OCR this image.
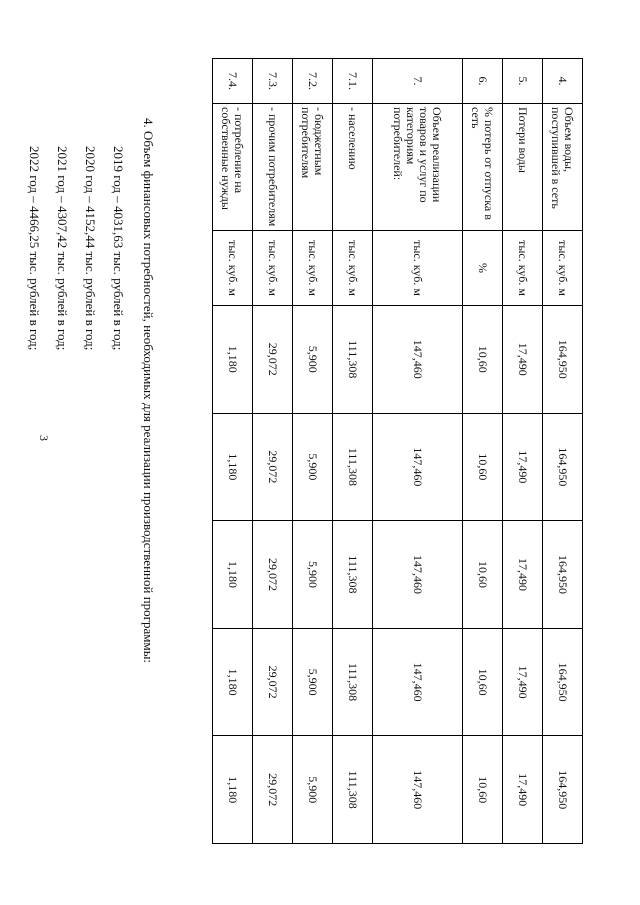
3
4.	Объем воды, поступившей в сеть	тыс. куб. м	164,950	164,950	164,950	164,950	164,950
5.	Потери воды	тыс. куб. м	17,490	17,490	17,490	17,490	17,490
6.	% потерь от отпуска в сеть	%	10,60	10,60	10,60	10,60	10,60
7.	Объем реализации товаров и услуг по категориям потребителей:	тыс. куб. м	147,460	147,460	147,460	147,460	147,460
7.1.	- населению	тыс. куб. м	111,308	111,308	111,308	111,308	111,308
7.2.	- бюджетным потребителям	тыс. куб. м	5,900	5,900	5,900	5,900	5,900
7.3.	- прочим потребителям	тыс. куб. м	29,072	29,072	29,072	29,072	29,072
7.4.	- потребление на собственные нужды	тыс. куб. м	1,180	1,180	1,180	1,180	1,180
4. Объем финансовых потребностей, необходимых для реализации производственной программы:
2019 год – 4031,63 тыс. рублей в год;
2020 год – 4152,44 тыс. рублей в год;
2021 год – 4307,42 тыс. рублей в год;
2022 год – 4466,25 тыс. рублей в год;
